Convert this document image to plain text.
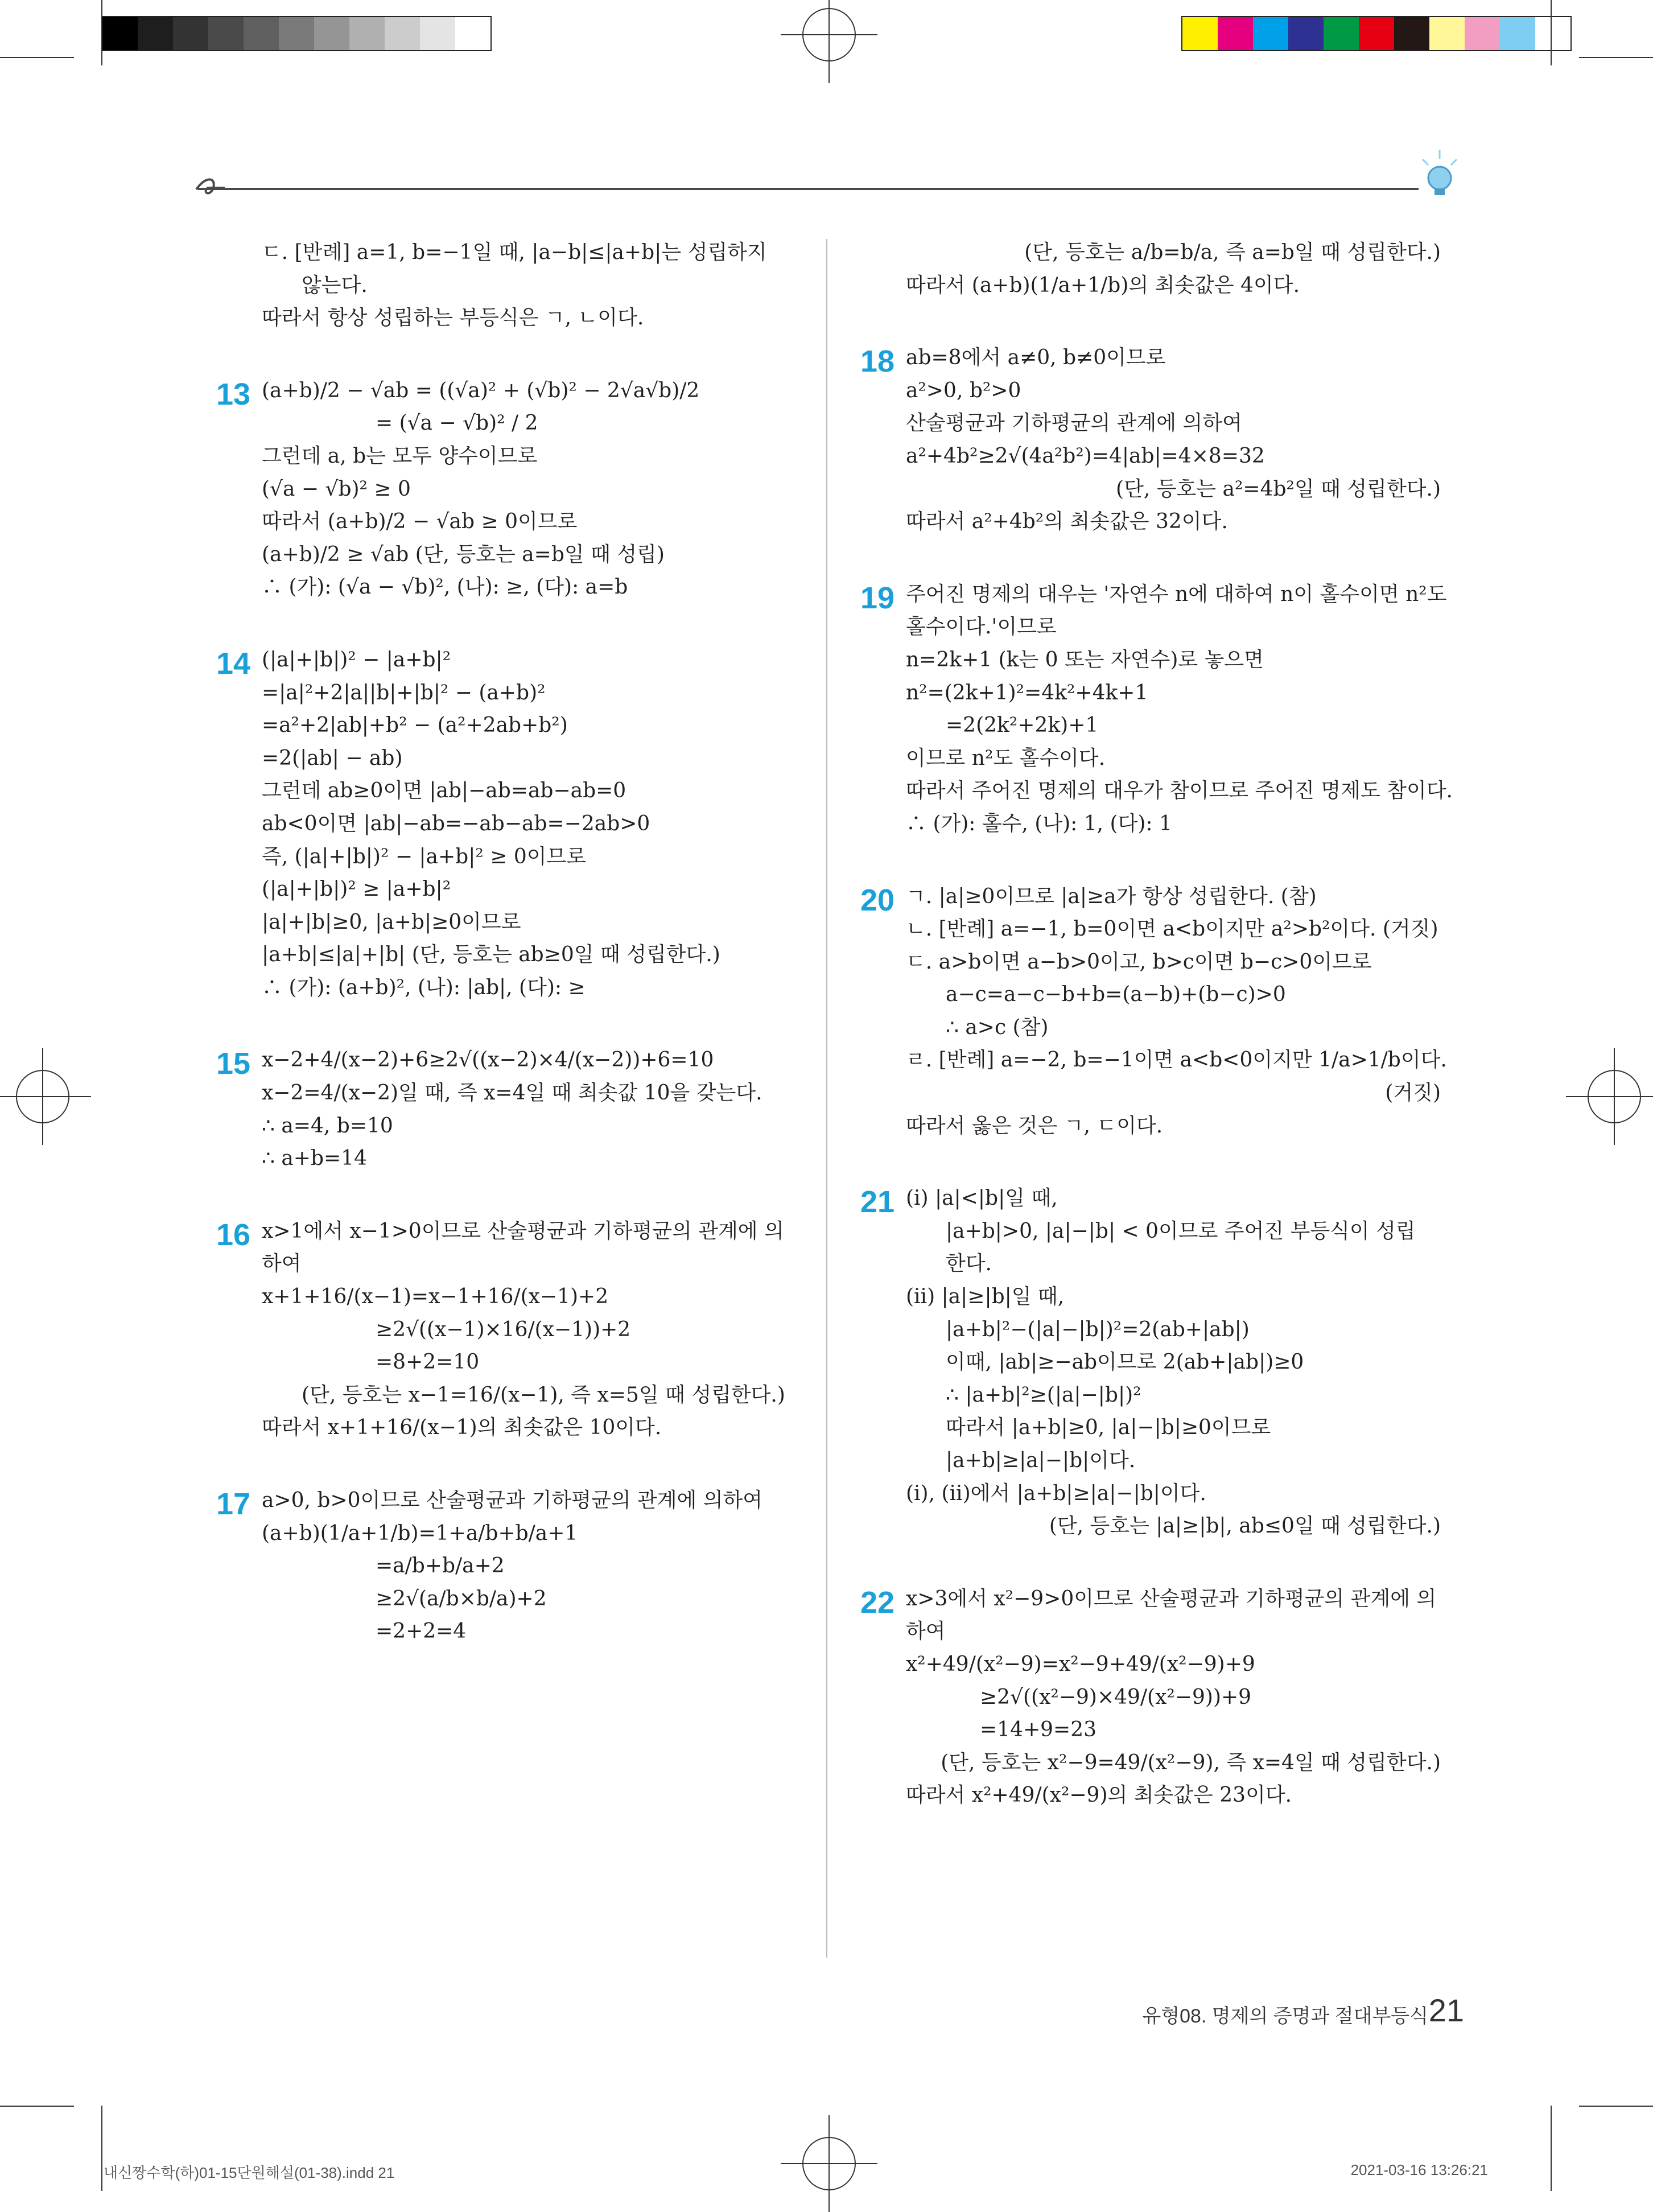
ㄷ. [반례] a=1, b=−1일 때, |a−b|≤|a+b|는 성립하지

않는다.

따라서 항상 성립하는 부등식은 ㄱ, ㄴ이다.

13 (a+b)/2 − √ab = ((√a)² + (√b)² − 2√a√b)/2

= (√a − √b)² / 2

그런데 a, b는 모두 양수이므로

(√a − √b)² ≥ 0

따라서 (a+b)/2 − √ab ≥ 0이므로

(a+b)/2 ≥ √ab (단, 등호는 a=b일 때 성립)

∴ (가): (√a − √b)², (나): ≥, (다): a=b

14 (|a|+|b|)² − |a+b|²

=|a|²+2|a||b|+|b|² − (a+b)²

=a²+2|ab|+b² − (a²+2ab+b²)

=2(|ab| − ab)

그런데 ab≥0이면 |ab|−ab=ab−ab=0

ab<0이면 |ab|−ab=−ab−ab=−2ab>0

즉, (|a|+|b|)² − |a+b|² ≥ 0이므로

(|a|+|b|)² ≥ |a+b|²

|a|+|b|≥0, |a+b|≥0이므로

|a+b|≤|a|+|b| (단, 등호는 ab≥0일 때 성립한다.)

∴ (가): (a+b)², (나): |ab|, (다): ≥

15 x−2+4/(x−2)+6≥2√((x−2)×4/(x−2))+6=10

x−2=4/(x−2)일 때, 즉 x=4일 때 최솟값 10을 갖는다.

∴ a=4, b=10

∴ a+b=14

16 x>1에서 x−1>0이므로 산술평균과 기하평균의 관계에 의

하여

x+1+16/(x−1)=x−1+16/(x−1)+2

≥2√((x−1)×16/(x−1))+2

=8+2=10

(단, 등호는 x−1=16/(x−1), 즉 x=5일 때 성립한다.)

따라서 x+1+16/(x−1)의 최솟값은 10이다.

17 a>0, b>0이므로 산술평균과 기하평균의 관계에 의하여

(a+b)(1/a+1/b)=1+a/b+b/a+1

=a/b+b/a+2

≥2√(a/b×b/a)+2

=2+2=4

(단, 등호는 a/b=b/a, 즉 a=b일 때 성립한다.)

따라서 (a+b)(1/a+1/b)의 최솟값은 4이다.

18 ab=8에서 a≠0, b≠0이므로

a²>0, b²>0

산술평균과 기하평균의 관계에 의하여

a²+4b²≥2√(4a²b²)=4|ab|=4×8=32

(단, 등호는 a²=4b²일 때 성립한다.)

따라서 a²+4b²의 최솟값은 32이다.

19 주어진 명제의 대우는 '자연수 n에 대하여 n이 홀수이면 n²도

홀수이다.'이므로

n=2k+1 (k는 0 또는 자연수)로 놓으면

n²=(2k+1)²=4k²+4k+1

=2(2k²+2k)+1

이므로 n²도 홀수이다.

따라서 주어진 명제의 대우가 참이므로 주어진 명제도 참이다.

∴ (가): 홀수, (나): 1, (다): 1

20 ㄱ. |a|≥0이므로 |a|≥a가 항상 성립한다. (참)

ㄴ. [반례] a=−1, b=0이면 a<b이지만 a²>b²이다. (거짓)

ㄷ. a>b이면 a−b>0이고, b>c이면 b−c>0이므로

a−c=a−c−b+b=(a−b)+(b−c)>0

∴ a>c (참)

ㄹ. [반례] a=−2, b=−1이면 a<b<0이지만 1/a>1/b이다.

(거짓)

따라서 옳은 것은 ㄱ, ㄷ이다.

21 (i) |a|<|b|일 때,

|a+b|>0, |a|−|b| < 0이므로 주어진 부등식이 성립

한다.

(ii) |a|≥|b|일 때,

|a+b|²−(|a|−|b|)²=2(ab+|ab|)

이때, |ab|≥−ab이므로 2(ab+|ab|)≥0

∴ |a+b|²≥(|a|−|b|)²

따라서 |a+b|≥0, |a|−|b|≥0이므로

|a+b|≥|a|−|b|이다.

(i), (ii)에서 |a+b|≥|a|−|b|이다.

(단, 등호는 |a|≥|b|, ab≤0일 때 성립한다.)

22 x>3에서 x²−9>0이므로 산술평균과 기하평균의 관계에 의

하여

x²+49/(x²−9)=x²−9+49/(x²−9)+9

≥2√((x²−9)×49/(x²−9))+9

=14+9=23

(단, 등호는 x²−9=49/(x²−9), 즉 x=4일 때 성립한다.)

따라서 x²+49/(x²−9)의 최솟값은 23이다.

유형08. 명제의 증명과 절대부등식 21
내신짱수학(하)01-15단원해설(01-38).indd 21	2021-03-16 13:26:21
